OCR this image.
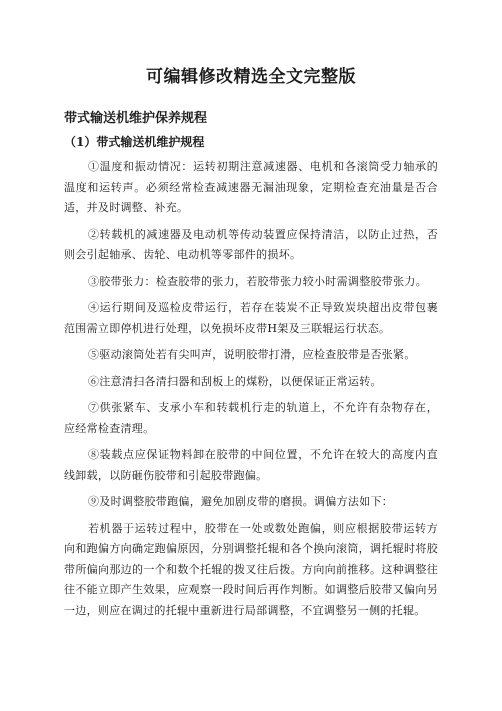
可编辑修改精选全文完整版
带式输送机维护保养规程
（1）带式输送机维护规程

①温度和振动情况：运转初期注意减速器、电机和各滚筒受力轴承的温度和运转声。必须经常检查减速器无漏油现象，定期检查充油量是否合适，并及时调整、补充。

②转载机的减速器及电动机等传动装置应保持清洁，以防止过热，否则会引起轴承、齿轮、电动机等零部件的损坏。

③胶带张力：检查胶带的张力，若胶带张力较小时需调整胶带张力。

④运行期间及巡检皮带运行，若存在装炭不正导致炭块超出皮带包裹范围需立即停机进行处理，以免损坏皮带H架及三联辊运行状态。

⑤驱动滚筒处若有尖叫声，说明胶带打滑，应检查胶带是否张紧。

⑥注意清扫各清扫器和刮板上的煤粉，以便保证正常运转。

⑦供张紧车、支承小车和转载机行走的轨道上，不允许有杂物存在，应经常检查清理。

⑧装载点应保证物料卸在胶带的中间位置，不允许在较大的高度内直线卸载，以防砸伤胶带和引起胶带跑偏。

⑨及时调整胶带跑偏，避免加剧皮带的磨损。调偏方法如下：

若机器于运转过程中，胶带在一处或数处跑偏，则应根据胶带运转方向和跑偏方向确定跑偏原因，分别调整托辊和各个换向滚筒，调托辊时将胶带所偏向那边的一个和数个托辊的拨叉往后拨。方向向前推移。这种调整往往不能立即产生效果，应观察一段时间后再作判断。如调整后胶带又偏向另一边，则应在调过的托辊中重新进行局部调整，不宜调整另一侧的托辊。
